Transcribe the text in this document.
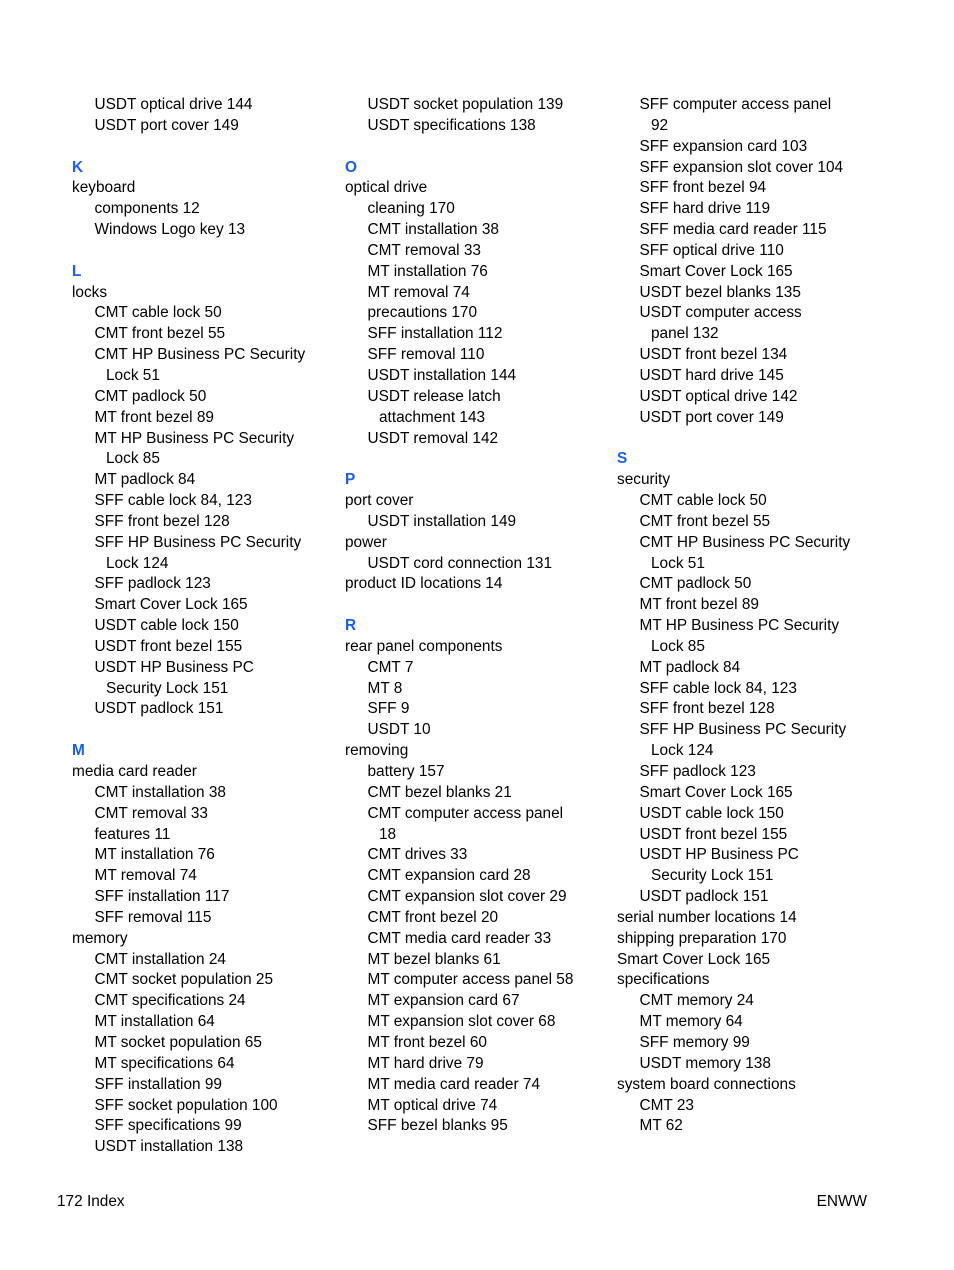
USDT optical drive 144
USDT port cover 149
K
keyboard
components 12
Windows Logo key 13
L
locks
CMT cable lock 50
CMT front bezel 55
CMT HP Business PC Security
Lock 51
CMT padlock 50
MT front bezel 89
MT HP Business PC Security
Lock 85
MT padlock 84
SFF cable lock 84, 123
SFF front bezel 128
SFF HP Business PC Security
Lock 124
SFF padlock 123
Smart Cover Lock 165
USDT cable lock 150
USDT front bezel 155
USDT HP Business PC
Security Lock 151
USDT padlock 151
M
media card reader
CMT installation 38
CMT removal 33
features 11
MT installation 76
MT removal 74
SFF installation 117
SFF removal 115
memory
CMT installation 24
CMT socket population 25
CMT specifications 24
MT installation 64
MT socket population 65
MT specifications 64
SFF installation 99
SFF socket population 100
SFF specifications 99
USDT installation 138
USDT socket population 139
USDT specifications 138
O
optical drive
cleaning 170
CMT installation 38
CMT removal 33
MT installation 76
MT removal 74
precautions 170
SFF installation 112
SFF removal 110
USDT installation 144
USDT release latch
attachment 143
USDT removal 142
P
port cover
USDT installation 149
power
USDT cord connection 131
product ID locations 14
R
rear panel components
CMT 7
MT 8
SFF 9
USDT 10
removing
battery 157
CMT bezel blanks 21
CMT computer access panel
18
CMT drives 33
CMT expansion card 28
CMT expansion slot cover 29
CMT front bezel 20
CMT media card reader 33
MT bezel blanks 61
MT computer access panel 58
MT expansion card 67
MT expansion slot cover 68
MT front bezel 60
MT hard drive 79
MT media card reader 74
MT optical drive 74
SFF bezel blanks 95
SFF computer access panel
92
SFF expansion card 103
SFF expansion slot cover 104
SFF front bezel 94
SFF hard drive 119
SFF media card reader 115
SFF optical drive 110
Smart Cover Lock 165
USDT bezel blanks 135
USDT computer access
panel 132
USDT front bezel 134
USDT hard drive 145
USDT optical drive 142
USDT port cover 149
S
security
CMT cable lock 50
CMT front bezel 55
CMT HP Business PC Security
Lock 51
CMT padlock 50
MT front bezel 89
MT HP Business PC Security
Lock 85
MT padlock 84
SFF cable lock 84, 123
SFF front bezel 128
SFF HP Business PC Security
Lock 124
SFF padlock 123
Smart Cover Lock 165
USDT cable lock 150
USDT front bezel 155
USDT HP Business PC
Security Lock 151
USDT padlock 151
serial number locations 14
shipping preparation 170
Smart Cover Lock 165
specifications
CMT memory 24
MT memory 64
SFF memory 99
USDT memory 138
system board connections
CMT 23
MT 62
172 Index	ENWW
